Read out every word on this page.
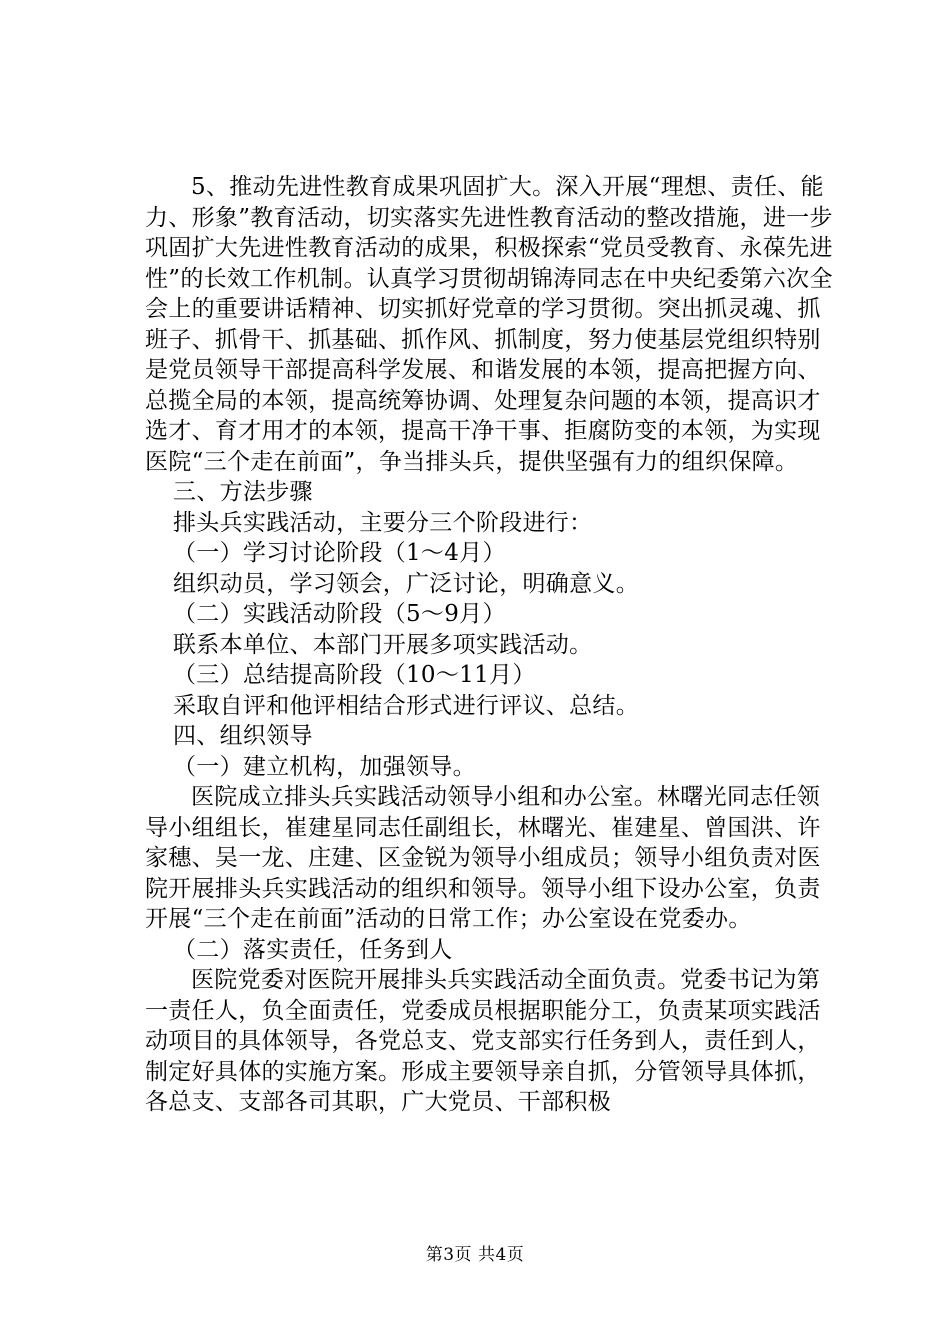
5、推动先进性教育成果巩固扩大。深入开展“理想、责任、能力、形象”教育活动，切实落实先进性教育活动的整改措施，进一步巩固扩大先进性教育活动的成果，积极探索“党员受教育、永葆先进性”的长效工作机制。认真学习贯彻胡锦涛同志在中央纪委第六次全会上的重要讲话精神、切实抓好党章的学习贯彻。突出抓灵魂、抓班子、抓骨干、抓基础、抓作风、抓制度，努力使基层党组织特别是党员领导干部提高科学发展、和谐发展的本领，提高把握方向、总揽全局的本领，提高统筹协调、处理复杂问题的本领，提高识才选才、育才用才的本领，提高干净干事、拒腐防变的本领，为实现医院“三个走在前面”，争当排头兵，提供坚强有力的组织保障。

三、方法步骤

排头兵实践活动，主要分三个阶段进行：

（一）学习讨论阶段（1～4月）

组织动员，学习领会，广泛讨论，明确意义。

（二）实践活动阶段（5～9月）

联系本单位、本部门开展多项实践活动。

（三）总结提高阶段（10～11月）

采取自评和他评相结合形式进行评议、总结。

四、组织领导

（一）建立机构，加强领导。

医院成立排头兵实践活动领导小组和办公室。林曙光同志任领导小组组长，崔建星同志任副组长，林曙光、崔建星、曾国洪、许家穗、吴一龙、庄建、区金锐为领导小组成员；领导小组负责对医院开展排头兵实践活动的组织和领导。领导小组下设办公室，负责开展“三个走在前面”活动的日常工作；办公室设在党委办。

（二）落实责任，任务到人

医院党委对医院开展排头兵实践活动全面负责。党委书记为第一责任人，负全面责任，党委成员根据职能分工，负责某项实践活动项目的具体领导，各党总支、党支部实行任务到人，责任到人，制定好具体的实施方案。形成主要领导亲自抓，分管领导具体抓，各总支、支部各司其职，广大党员、干部积极

第3页 共4页
